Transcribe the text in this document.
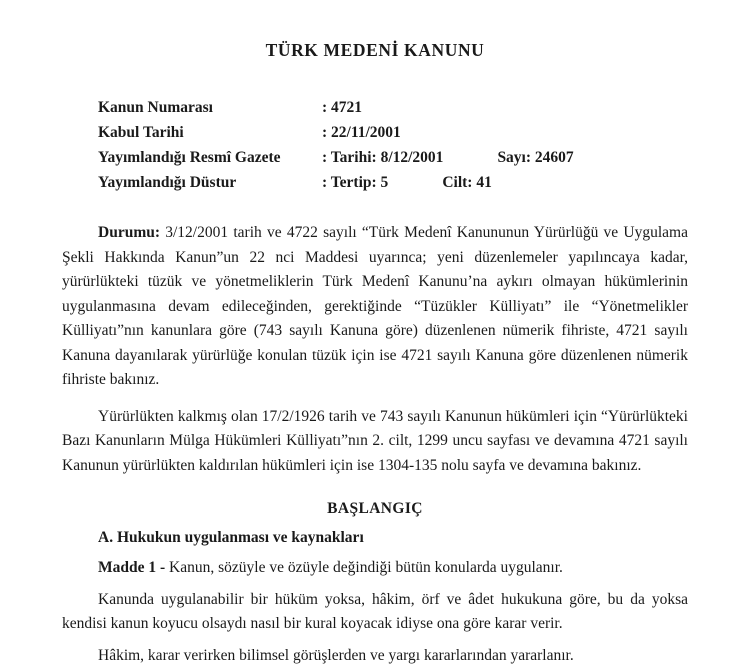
TÜRK MEDENİ KANUNU
Kanun Numarası	: 4721
Kabul Tarihi	: 22/11/2001
Yayımlandığı Resmî Gazete	: Tarihi: 8/12/2001	Sayı: 24607
Yayımlandığı Düstur	: Tertip: 5	Cilt: 41

Durumu: 3/12/2001 tarih ve 4722 sayılı “Türk Medenî Kanununun Yürürlüğü ve Uygulama Şekli Hakkında Kanun”un 22 nci Maddesi uyarınca; yeni düzenlemeler yapılıncaya kadar, yürürlükteki tüzük ve yönetmeliklerin Türk Medenî Kanunu’na aykırı olmayan hükümlerinin uygulanmasına devam edileceğinden, gerektiğinde “Tüzükler Külliyatı” ile “Yönetmelikler Külliyatı”nın kanunlara göre (743 sayılı Kanuna göre) düzenlenen nümerik fihriste, 4721 sayılı Kanuna dayanılarak yürürlüğe konulan tüzük için ise 4721 sayılı Kanuna göre düzenlenen nümerik fihriste bakınız.

Yürürlükten kalkmış olan 17/2/1926 tarih ve 743 sayılı Kanunun hükümleri için “Yürürlükteki Bazı Kanunların Mülga Hükümleri Külliyatı”nın 2. cilt, 1299 uncu sayfası ve devamına 4721 sayılı Kanunun yürürlükten kaldırılan hükümleri için ise 1304-135 nolu sayfa ve devamına bakınız.

BAŞLANGIÇ
A. Hukukun uygulanması ve kaynakları
Madde 1 - Kanun, sözüyle ve özüyle değindiği bütün konularda uygulanır.

Kanunda uygulanabilir bir hüküm yoksa, hâkim, örf ve âdet hukukuna göre, bu da yoksa kendisi kanun koyucu olsaydı nasıl bir kural koyacak idiyse ona göre karar verir.

Hâkim, karar verirken bilimsel görüşlerden ve yargı kararlarından yararlanır.
